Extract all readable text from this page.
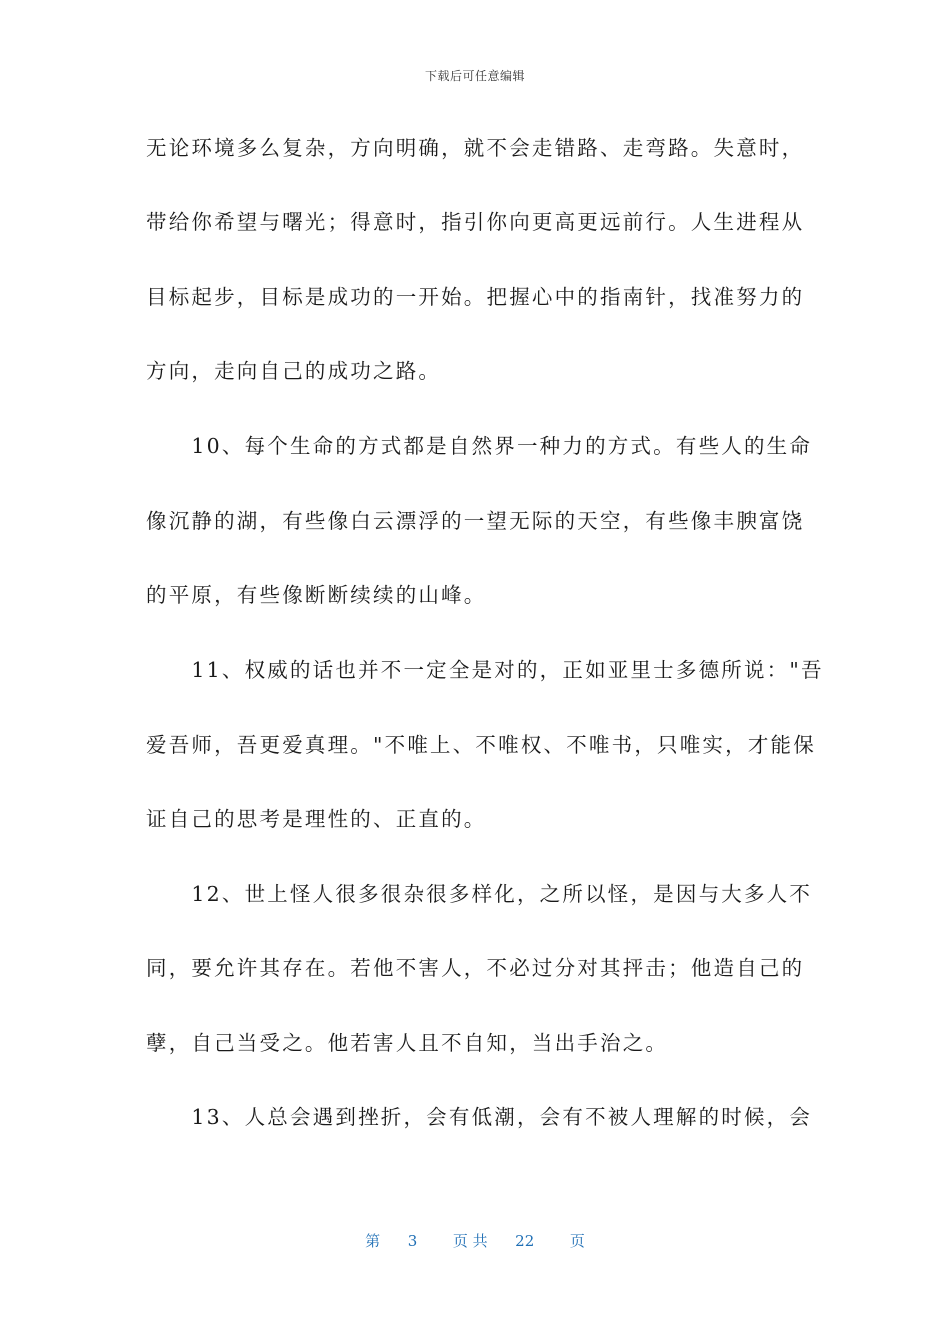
下载后可任意编辑
无论环境多么复杂，方向明确，就不会走错路、走弯路。失意时，
带给你希望与曙光；得意时，指引你向更高更远前行。人生进程从
目标起步，目标是成功的一开始。把握心中的指南针，找准努力的
方向，走向自己的成功之路。
　　10、每个生命的方式都是自然界一种力的方式。有些人的生命
像沉静的湖，有些像白云漂浮的一望无际的天空，有些像丰腴富饶
的平原，有些像断断续续的山峰。
　　11、权威的话也并不一定全是对的，正如亚里士多德所说："吾
爱吾师，吾更爱真理。"不唯上、不唯权、不唯书，只唯实，才能保
证自己的思考是理性的、正直的。
　　12、世上怪人很多很杂很多样化，之所以怪，是因与大多人不
同，要允许其存在。若他不害人，不必过分对其抨击；他造自己的
孽，自己当受之。他若害人且不自知，当出手治之。
　　13、人总会遇到挫折，会有低潮，会有不被人理解的时候，会
第 3 页 共 22 页
